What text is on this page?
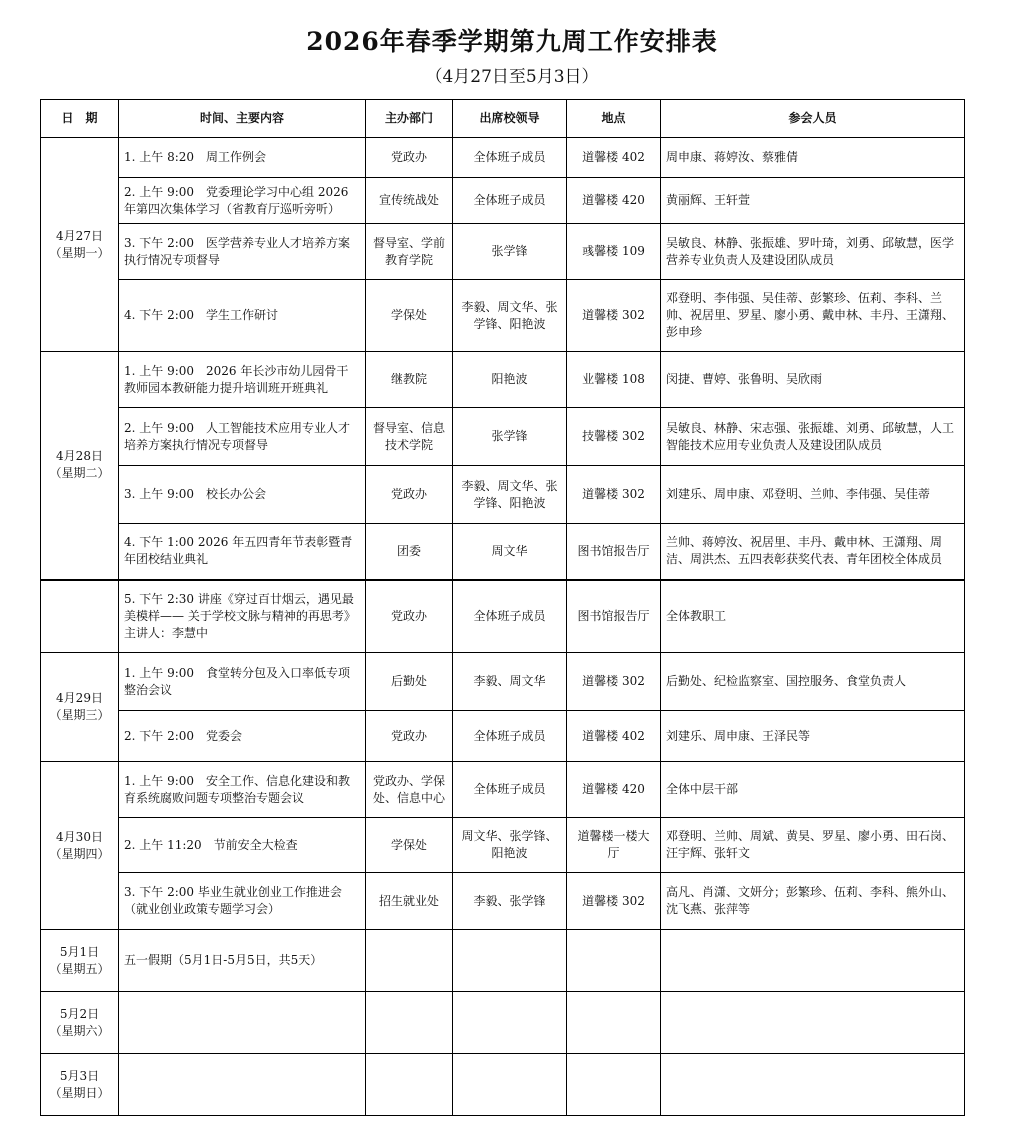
2026年春季学期第九周工作安排表
（4月27日至5月3日）
日　期	时间、主要内容	主办部门	出席校领导	地点	参会人员

4月27日
（星期一）	1. 上午 8:20　周工作例会	党政办	全体班子成员	道馨楼 402	周申康、蒋婷汝、蔡雅倩
	2. 上午 9:00　党委理论学习中心组 2026 年第四次集体学习（省教育厅巡听旁听）	宣传统战处	全体班子成员	道馨楼 420	黄丽辉、王轩萱
	3. 下午 2:00　医学营养专业人才培养方案执行情况专项督导	督导室、学前教育学院	张学锋	彧馨楼 109	吴敏良、林静、张振雄、罗叶琦，刘勇、邱敏慧，医学营养专业负责人及建设团队成员
	4. 下午 2:00　学生工作研讨	学保处	李毅、周文华、张学锋、阳艳波	道馨楼 302	邓登明、李伟强、吴佳蒂、彭繁珍、伍莉、李科、兰帅、祝居里、罗星、廖小勇、戴申林、丰丹、王潇翔、彭申珍

4月28日
（星期二）	1. 上午 9:00　2026 年长沙市幼儿园骨干教师园本教研能力提升培训班开班典礼	继教院	阳艳波	业馨楼 108	闵捷、曹婷、张鲁明、吴欣雨
	2. 上午 9:00　人工智能技术应用专业人才培养方案执行情况专项督导	督导室、信息技术学院	张学锋	技馨楼 302	吴敏良、林静、宋志强、张振雄、刘勇、邱敏慧，人工智能技术应用专业负责人及建设团队成员
	3. 上午 9:00　校长办公会	党政办	李毅、周文华、张学锋、阳艳波	道馨楼 302	刘建乐、周申康、邓登明、兰帅、李伟强、吴佳蒂
	4. 下午 1:00 2026 年五四青年节表彰暨青年团校结业典礼	团委	周文华	图书馆报告厅	兰帅、蒋婷汝、祝居里、丰丹、戴申林、王潇翔、周洁、周洪杰、五四表彰获奖代表、青年团校全体成员
	5. 下午 2:30 讲座《穿过百廿烟云，遇见最美模样—— 关于学校文脉与精神的再思考》主讲人：李慧中	党政办	全体班子成员	图书馆报告厅	全体教职工

4月29日
（星期三）	1. 上午 9:00　食堂转分包及入口率低专项整治会议	后勤处	李毅、周文华	道馨楼 302	后勤处、纪检监察室、国控服务、食堂负责人
	2. 下午 2:00　党委会	党政办	全体班子成员	道馨楼 402	刘建乐、周申康、王泽民等

4月30日
（星期四）	1. 上午 9:00　安全工作、信息化建设和教育系统腐败问题专项整治专题会议	党政办、学保处、信息中心	全体班子成员	道馨楼 420	全体中层干部
	2. 上午 11:20　节前安全大检查	学保处	周文华、张学锋、阳艳波	道馨楼一楼大厅	邓登明、兰帅、周斌、黄昊、罗星、廖小勇、田石岗、汪宇辉、张轩文
	3. 下午 2:00 毕业生就业创业工作推进会（就业创业政策专题学习会）	招生就业处	李毅、张学锋	道馨楼 302	高凡、肖潇、文妍分；彭繁珍、伍莉、李科、熊外山、沈飞燕、张萍等

5月1日
（星期五）	五一假期（5月1日-5月5日，共5天）				

5月2日
（星期六）					

5月3日
（星期日）					
